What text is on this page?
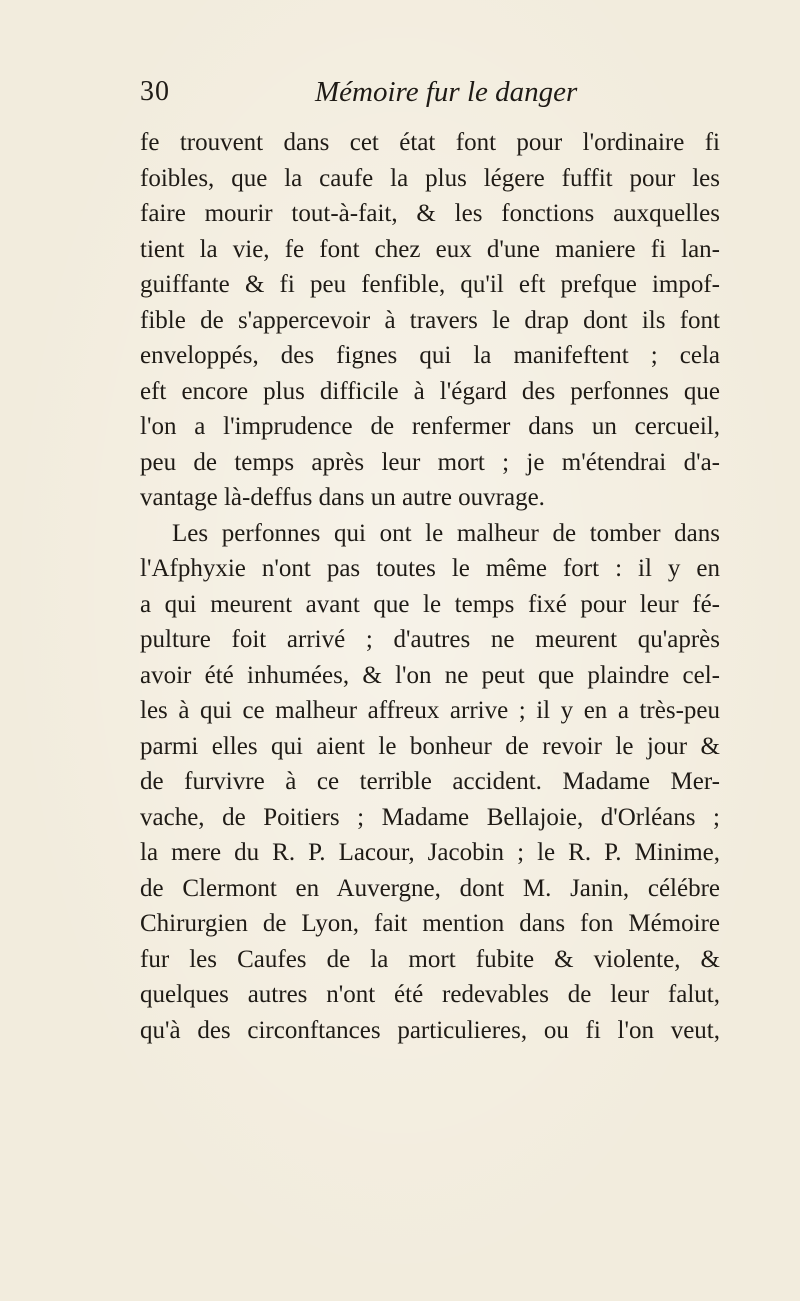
30	Mémoire fur le danger
fe trouvent dans cet état font pour l'ordinaire fi
foibles, que la caufe la plus légere fuffit pour les
faire mourir tout-à-fait, & les fonctions auxquelles
tient la vie, fe font chez eux d'une maniere fi lan-
guiffante & fi peu fenfible, qu'il eft prefque impof-
fible de s'appercevoir à travers le drap dont ils font
enveloppés, des fignes qui la manifeftent ; cela
eft encore plus difficile à l'égard des perfonnes que
l'on a l'imprudence de renfermer dans un cercueil,
peu de temps après leur mort ; je m'étendrai d'a-
vantage là-deffus dans un autre ouvrage.
Les perfonnes qui ont le malheur de tomber dans
l'Afphyxie n'ont pas toutes le même fort : il y en
a qui meurent avant que le temps fixé pour leur fé-
pulture foit arrivé ; d'autres ne meurent qu'après
avoir été inhumées, & l'on ne peut que plaindre cel-
les à qui ce malheur affreux arrive ; il y en a très-peu
parmi elles qui aient le bonheur de revoir le jour &
de furvivre à ce terrible accident. Madame Mer-
vache, de Poitiers ; Madame Bellajoie, d'Orléans ;
la mere du R. P. Lacour, Jacobin ; le R. P. Minime,
de Clermont en Auvergne, dont M. Janin, célébre
Chirurgien de Lyon, fait mention dans fon Mémoire
fur les Caufes de la mort fubite & violente, &
quelques autres n'ont été redevables de leur falut,
qu'à des circonftances particulieres, ou fi l'on veut,
